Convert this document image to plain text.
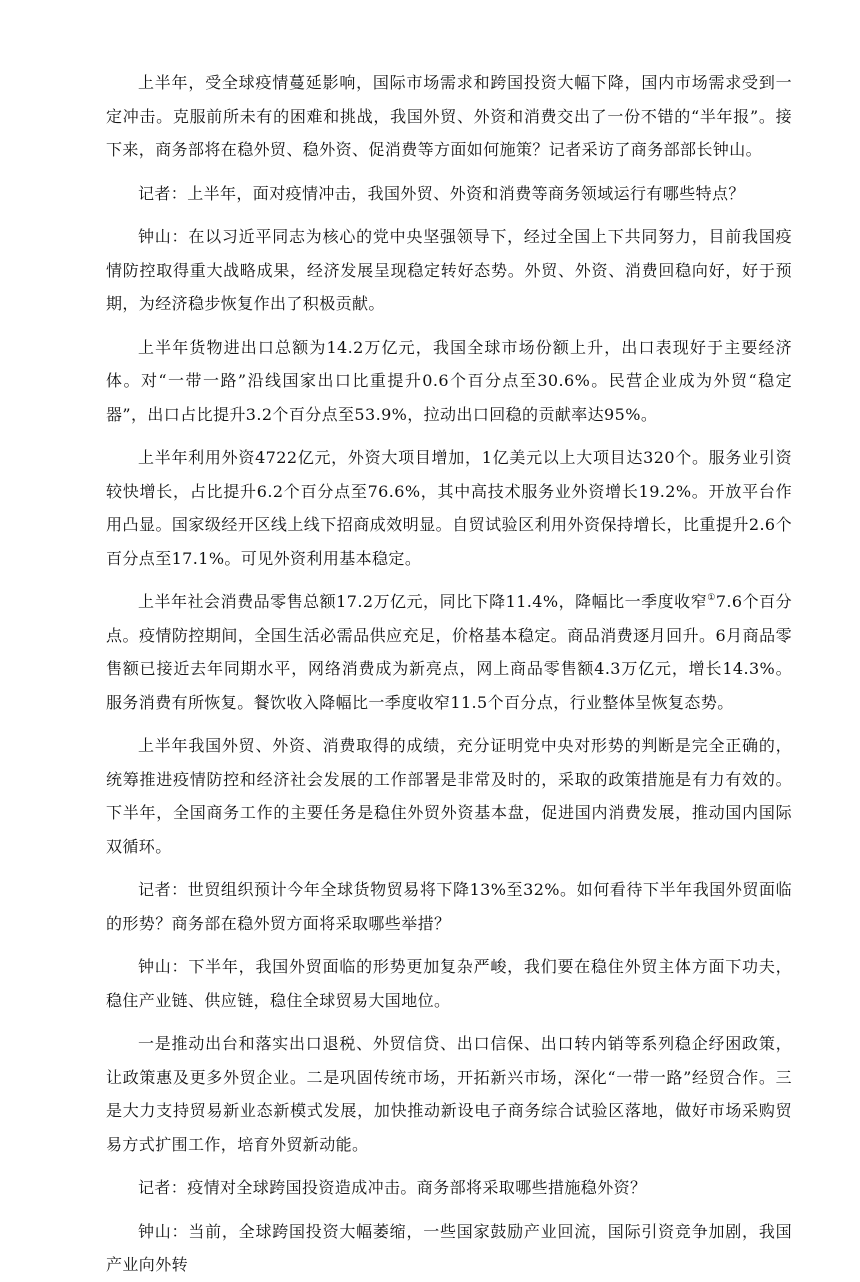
上半年，受全球疫情蔓延影响，国际市场需求和跨国投资大幅下降，国内市场需求受到一定冲击。克服前所未有的困难和挑战，我国外贸、外资和消费交出了一份不错的“半年报”。接下来，商务部将在稳外贸、稳外资、促消费等方面如何施策？记者采访了商务部部长钟山。

记者：上半年，面对疫情冲击，我国外贸、外资和消费等商务领域运行有哪些特点？

钟山：在以习近平同志为核心的党中央坚强领导下，经过全国上下共同努力，目前我国疫情防控取得重大战略成果，经济发展呈现稳定转好态势。外贸、外资、消费回稳向好，好于预期，为经济稳步恢复作出了积极贡献。

上半年货物进出口总额为14.2万亿元，我国全球市场份额上升，出口表现好于主要经济体。对“一带一路”沿线国家出口比重提升0.6个百分点至30.6%。民营企业成为外贸“稳定器”，出口占比提升3.2个百分点至53.9%，拉动出口回稳的贡献率达95%。

上半年利用外资4722亿元，外资大项目增加，1亿美元以上大项目达320个。服务业引资较快增长，占比提升6.2个百分点至76.6%，其中高技术服务业外资增长19.2%。开放平台作用凸显。国家级经开区线上线下招商成效明显。自贸试验区利用外资保持增长，比重提升2.6个百分点至17.1%。可见外资利用基本稳定。

上半年社会消费品零售总额17.2万亿元，同比下降11.4%，降幅比一季度收窄①7.6个百分点。疫情防控期间，全国生活必需品供应充足，价格基本稳定。商品消费逐月回升。6月商品零售额已接近去年同期水平，网络消费成为新亮点，网上商品零售额4.3万亿元，增长14.3%。服务消费有所恢复。餐饮收入降幅比一季度收窄11.5个百分点，行业整体呈恢复态势。

上半年我国外贸、外资、消费取得的成绩，充分证明党中央对形势的判断是完全正确的，统筹推进疫情防控和经济社会发展的工作部署是非常及时的，采取的政策措施是有力有效的。下半年，全国商务工作的主要任务是稳住外贸外资基本盘，促进国内消费发展，推动国内国际双循环。

记者：世贸组织预计今年全球货物贸易将下降13%至32%。如何看待下半年我国外贸面临的形势？商务部在稳外贸方面将采取哪些举措？

钟山：下半年，我国外贸面临的形势更加复杂严峻，我们要在稳住外贸主体方面下功夫，稳住产业链、供应链，稳住全球贸易大国地位。

一是推动出台和落实出口退税、外贸信贷、出口信保、出口转内销等系列稳企纾困政策，让政策惠及更多外贸企业。二是巩固传统市场，开拓新兴市场，深化“一带一路”经贸合作。三是大力支持贸易新业态新模式发展，加快推动新设电子商务综合试验区落地，做好市场采购贸易方式扩围工作，培育外贸新动能。

记者：疫情对全球跨国投资造成冲击。商务部将采取哪些措施稳外资？

钟山：当前，全球跨国投资大幅萎缩，一些国家鼓励产业回流，国际引资竞争加剧，我国产业向外转
